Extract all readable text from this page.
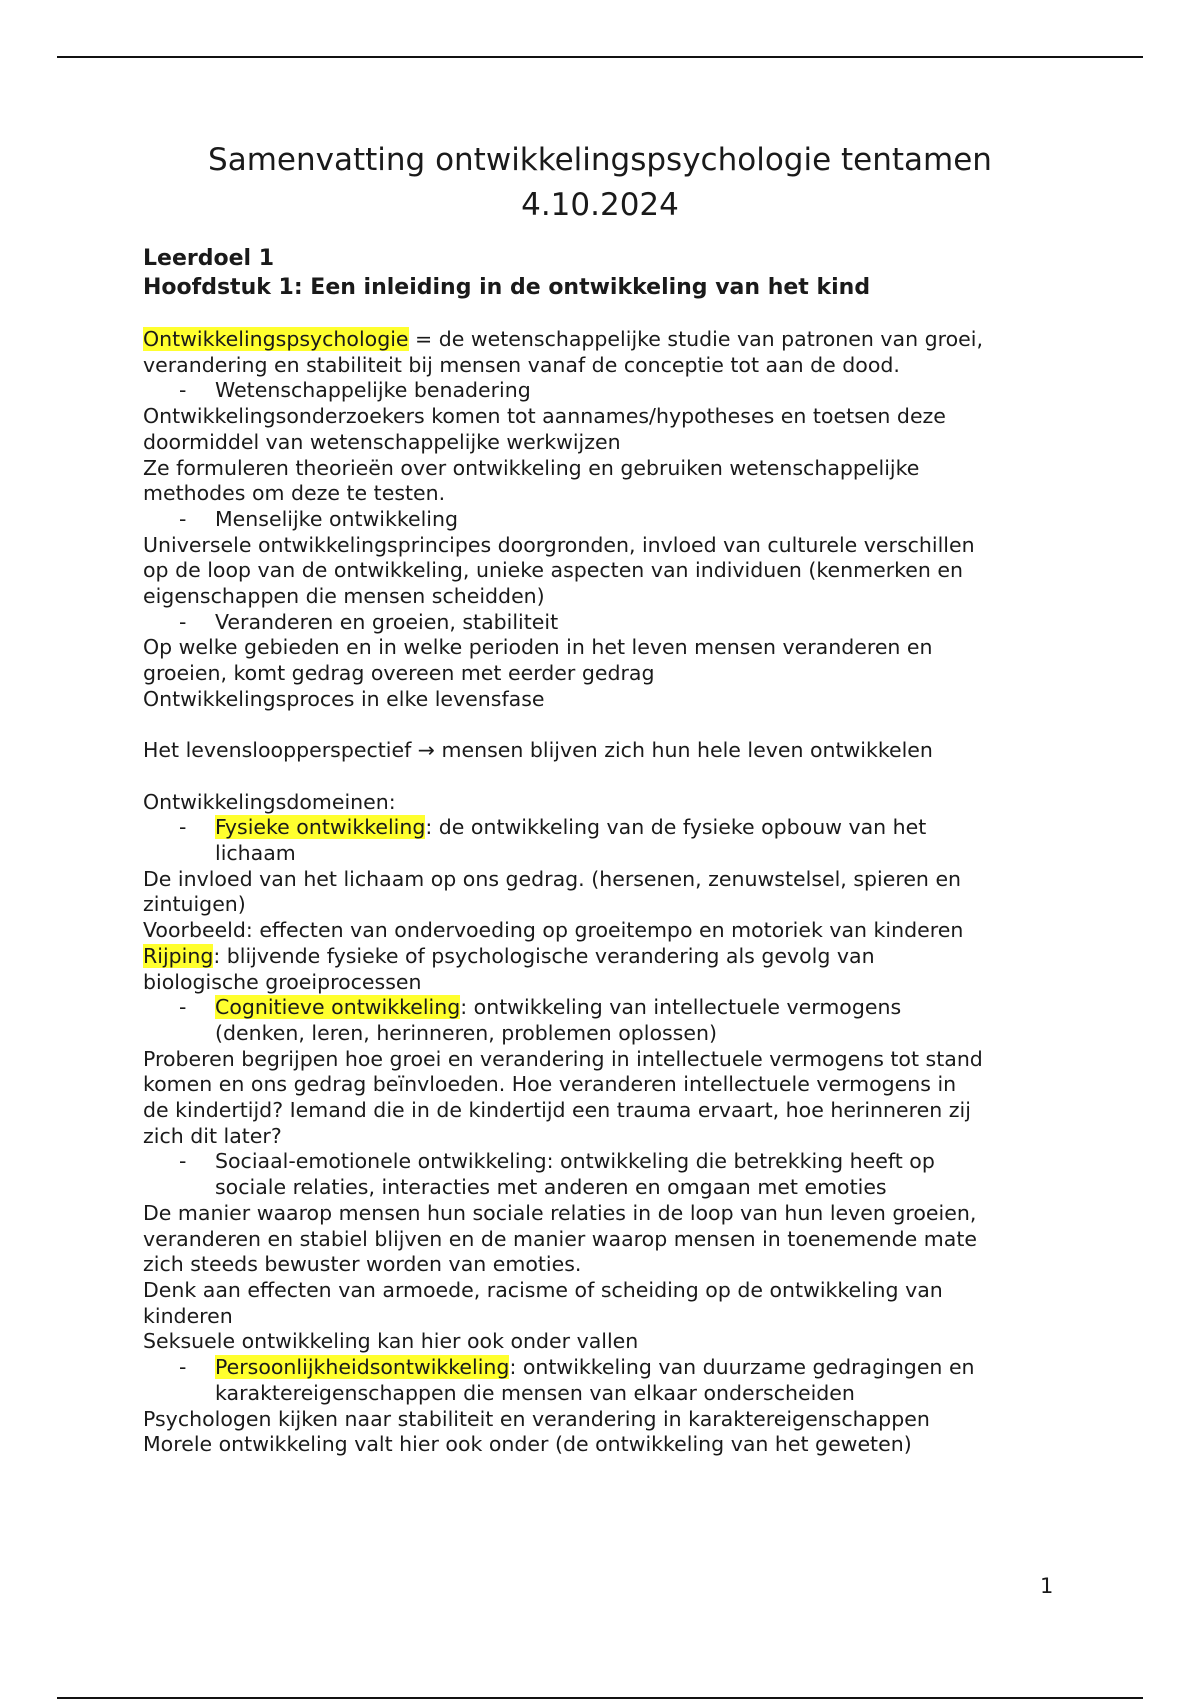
Samenvatting ontwikkelingspsychologie tentamen
4.10.2024
Leerdoel 1
Hoofdstuk 1: Een inleiding in de ontwikkeling van het kind

Ontwikkelingspsychologie = de wetenschappelijke studie van patronen van groei,

verandering en stabiliteit bij mensen vanaf de conceptie tot aan de dood.

- Wetenschappelijke benadering

Ontwikkelingsonderzoekers komen tot aannames/hypotheses en toetsen deze

doormiddel van wetenschappelijke werkwijzen

Ze formuleren theorieën over ontwikkeling en gebruiken wetenschappelijke

methodes om deze te testen.

- Menselijke ontwikkeling

Universele ontwikkelingsprincipes doorgronden, invloed van culturele verschillen

op de loop van de ontwikkeling, unieke aspecten van individuen (kenmerken en

eigenschappen die mensen scheidden)

- Veranderen en groeien, stabiliteit

Op welke gebieden en in welke perioden in het leven mensen veranderen en

groeien, komt gedrag overeen met eerder gedrag

Ontwikkelingsproces in elke levensfase

Het levensloopperspectief → mensen blijven zich hun hele leven ontwikkelen

Ontwikkelingsdomeinen:

- Fysieke ontwikkeling: de ontwikkeling van de fysieke opbouw van het
lichaam

De invloed van het lichaam op ons gedrag. (hersenen, zenuwstelsel, spieren en

zintuigen)

Voorbeeld: effecten van ondervoeding op groeitempo en motoriek van kinderen

Rijping: blijvende fysieke of psychologische verandering als gevolg van

biologische groeiprocessen

- Cognitieve ontwikkeling: ontwikkeling van intellectuele vermogens
(denken, leren, herinneren, problemen oplossen)

Proberen begrijpen hoe groei en verandering in intellectuele vermogens tot stand

komen en ons gedrag beïnvloeden. Hoe veranderen intellectuele vermogens in

de kindertijd? Iemand die in de kindertijd een trauma ervaart, hoe herinneren zij

zich dit later?

- Sociaal-emotionele ontwikkeling: ontwikkeling die betrekking heeft op
sociale relaties, interacties met anderen en omgaan met emoties

De manier waarop mensen hun sociale relaties in de loop van hun leven groeien,

veranderen en stabiel blijven en de manier waarop mensen in toenemende mate

zich steeds bewuster worden van emoties.

Denk aan effecten van armoede, racisme of scheiding op de ontwikkeling van

kinderen

Seksuele ontwikkeling kan hier ook onder vallen

- Persoonlijkheidsontwikkeling: ontwikkeling van duurzame gedragingen en
karaktereigenschappen die mensen van elkaar onderscheiden

Psychologen kijken naar stabiliteit en verandering in karaktereigenschappen

Morele ontwikkeling valt hier ook onder (de ontwikkeling van het geweten)

1
